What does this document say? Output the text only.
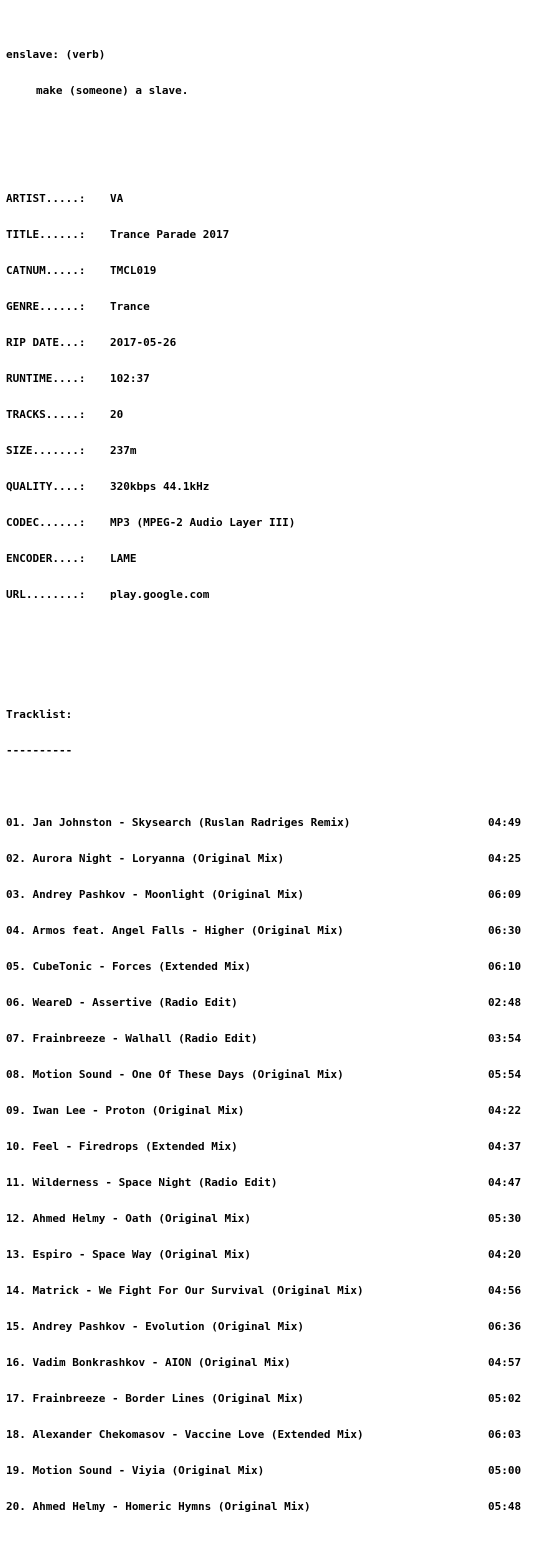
enslave: (verb)

make (someone) a slave.

ARTIST.....:	VA

TITLE......:	Trance Parade 2017

CATNUM.....:	TMCL019

GENRE......:	Trance

RIP DATE...:	2017-05-26

RUNTIME....:	102:37

TRACKS.....:	20

SIZE.......:	237m

QUALITY....:	320kbps 44.1kHz

CODEC......:	MP3 (MPEG-2 Audio Layer III)

ENCODER....:	LAME

URL........:	play.google.com

Tracklist:

----------

01. Jan Johnston - Skysearch (Ruslan Radriges Remix)	04:49

02. Aurora Night - Loryanna (Original Mix)	04:25

03. Andrey Pashkov - Moonlight (Original Mix)	06:09

04. Armos feat. Angel Falls - Higher (Original Mix)	06:30

05. CubeTonic - Forces (Extended Mix)	06:10

06. WeareD - Assertive (Radio Edit)	02:48

07. Frainbreeze - Walhall (Radio Edit)	03:54

08. Motion Sound - One Of These Days (Original Mix)	05:54

09. Iwan Lee - Proton (Original Mix)	04:22

10. Feel - Firedrops (Extended Mix)	04:37

11. Wilderness - Space Night (Radio Edit)	04:47

12. Ahmed Helmy - Oath (Original Mix)	05:30

13. Espiro - Space Way (Original Mix)	04:20

14. Matrick - We Fight For Our Survival (Original Mix)	04:56

15. Andrey Pashkov - Evolution (Original Mix)	06:36

16. Vadim Bonkrashkov - AION (Original Mix)	04:57

17. Frainbreeze - Border Lines (Original Mix)	05:02

18. Alexander Chekomasov - Vaccine Love (Extended Mix)	06:03

19. Motion Sound - Viyia (Original Mix)	05:00

20. Ahmed Helmy - Homeric Hymns (Original Mix)	05:48
